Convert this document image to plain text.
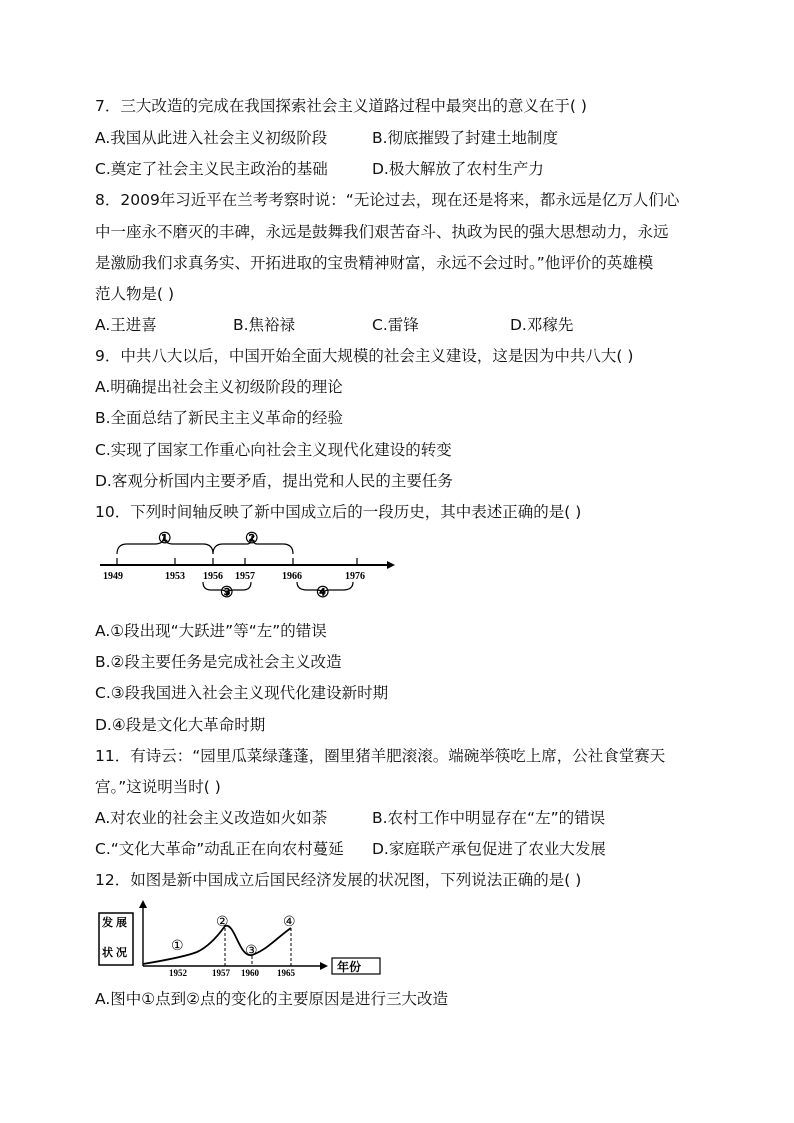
7．三大改造的完成在我国探索社会主义道路过程中最突出的意义在于( )
A.我国从此进入社会主义初级阶段	B.彻底摧毁了封建土地制度
C.奠定了社会主义民主政治的基础	D.极大解放了农村生产力
8．2009年习近平在兰考考察时说：“无论过去，现在还是将来，都永远是亿万人们心
中一座永不磨灭的丰碑，永远是鼓舞我们艰苦奋斗、执政为民的强大思想动力，永远
是激励我们求真务实、开拓进取的宝贵精神财富，永远不会过时。”他评价的英雄模
范人物是( )
A.王进喜	B.焦裕禄	C.雷锋	D.邓稼先
9．中共八大以后，中国开始全面大规模的社会主义建设，这是因为中共八大( )
A.明确提出社会主义初级阶段的理论
B.全面总结了新民主主义革命的经验
C.实现了国家工作重心向社会主义现代化建设的转变
D.客观分析国内主要矛盾，提出党和人民的主要任务
10．下列时间轴反映了新中国成立后的一段历史，其中表述正确的是( )
①	②
1949	1953 1956 1957	1966	1976
③	④
A.①段出现“大跃进”等“左”的错误
B.②段主要任务是完成社会主义改造
C.③段我国进入社会主义现代化建设新时期
D.④段是文化大革命时期
11．有诗云：“园里瓜菜绿蓬蓬，圈里猪羊肥滚滚。端碗举筷吃上席，公社食堂赛天
宫。”这说明当时( )
A.对农业的社会主义改造如火如荼	B.农村工作中明显存在“左”的错误
C.“文化大革命”动乱正在向农村蔓延 D.家庭联产承包促进了农业大发展
12．如图是新中国成立后国民经济发展的状况图，下列说法正确的是( )
发 展
状 况
年份
①
②
③
④
1952	1957 1960 1965
A.图中①点到②点的变化的主要原因是进行三大改造
